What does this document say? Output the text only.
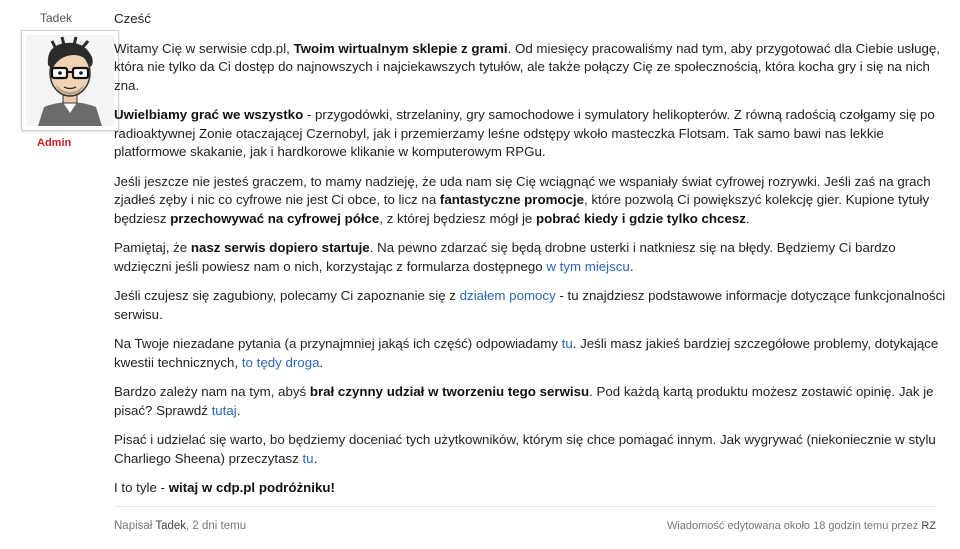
Tadek
Admin

Cześć

Witamy Cię w serwisie cdp.pl, Twoim wirtualnym sklepie z grami. Od miesięcy pracowaliśmy nad tym, aby przygotować dla Ciebie usługę, która nie tylko da Ci dostęp do najnowszych i najciekawszych tytułów, ale także połączy Cię ze społecznością, która kocha gry i się na nich zna.

Uwielbiamy grać we wszystko - przygodówki, strzelaniny, gry samochodowe i symulatory helikopterów. Z równą radością czołgamy się po radioaktywnej Zonie otaczającej Czernobyl, jak i przemierzamy leśne odstępy wkoło masteczka Flotsam. Tak samo bawi nas lekkie platformowe skakanie, jak i hardkorowe klikanie w komputerowym RPGu.

Jeśli jeszcze nie jesteś graczem, to mamy nadzieję, że uda nam się Cię wciągnąć we wspaniały świat cyfrowej rozrywki. Jeśli zaś na grach zjadłeś zęby i nic co cyfrowe nie jest Ci obce, to licz na fantastyczne promocje, które pozwolą Ci powiększyć kolekcję gier. Kupione tytuły będziesz przechowywać na cyfrowej półce, z której będziesz mógł je pobrać kiedy i gdzie tylko chcesz.

Pamiętaj, że nasz serwis dopiero startuje. Na pewno zdarzać się będą drobne usterki i natkniesz się na błędy. Będziemy Ci bardzo wdzięczni jeśli powiesz nam o nich, korzystając z formularza dostępnego w tym miejscu.

Jeśli czujesz się zagubiony, polecamy Ci zapoznanie się z działem pomocy - tu znajdziesz podstawowe informacje dotyczące funkcjonalności serwisu.

Na Twoje niezadane pytania (a przynajmniej jakąś ich część) odpowiadamy tu. Jeśli masz jakieś bardziej szczegółowe problemy, dotykające kwestii technicznych, to tędy droga.

Bardzo zależy nam na tym, abyś brał czynny udział w tworzeniu tego serwisu. Pod każdą kartą produktu możesz zostawić opinię. Jak je pisać? Sprawdź tutaj.

Pisać i udzielać się warto, bo będziemy doceniać tych użytkowników, którym się chce pomagać innym. Jak wygrywać (niekoniecznie w stylu Charliego Sheena) przeczytasz tu.

I to tyle - witaj w cdp.pl podróżniku!

Napisał Tadek, 2 dni temu	Wiadomość edytowana około 18 godzin temu przez RZ
